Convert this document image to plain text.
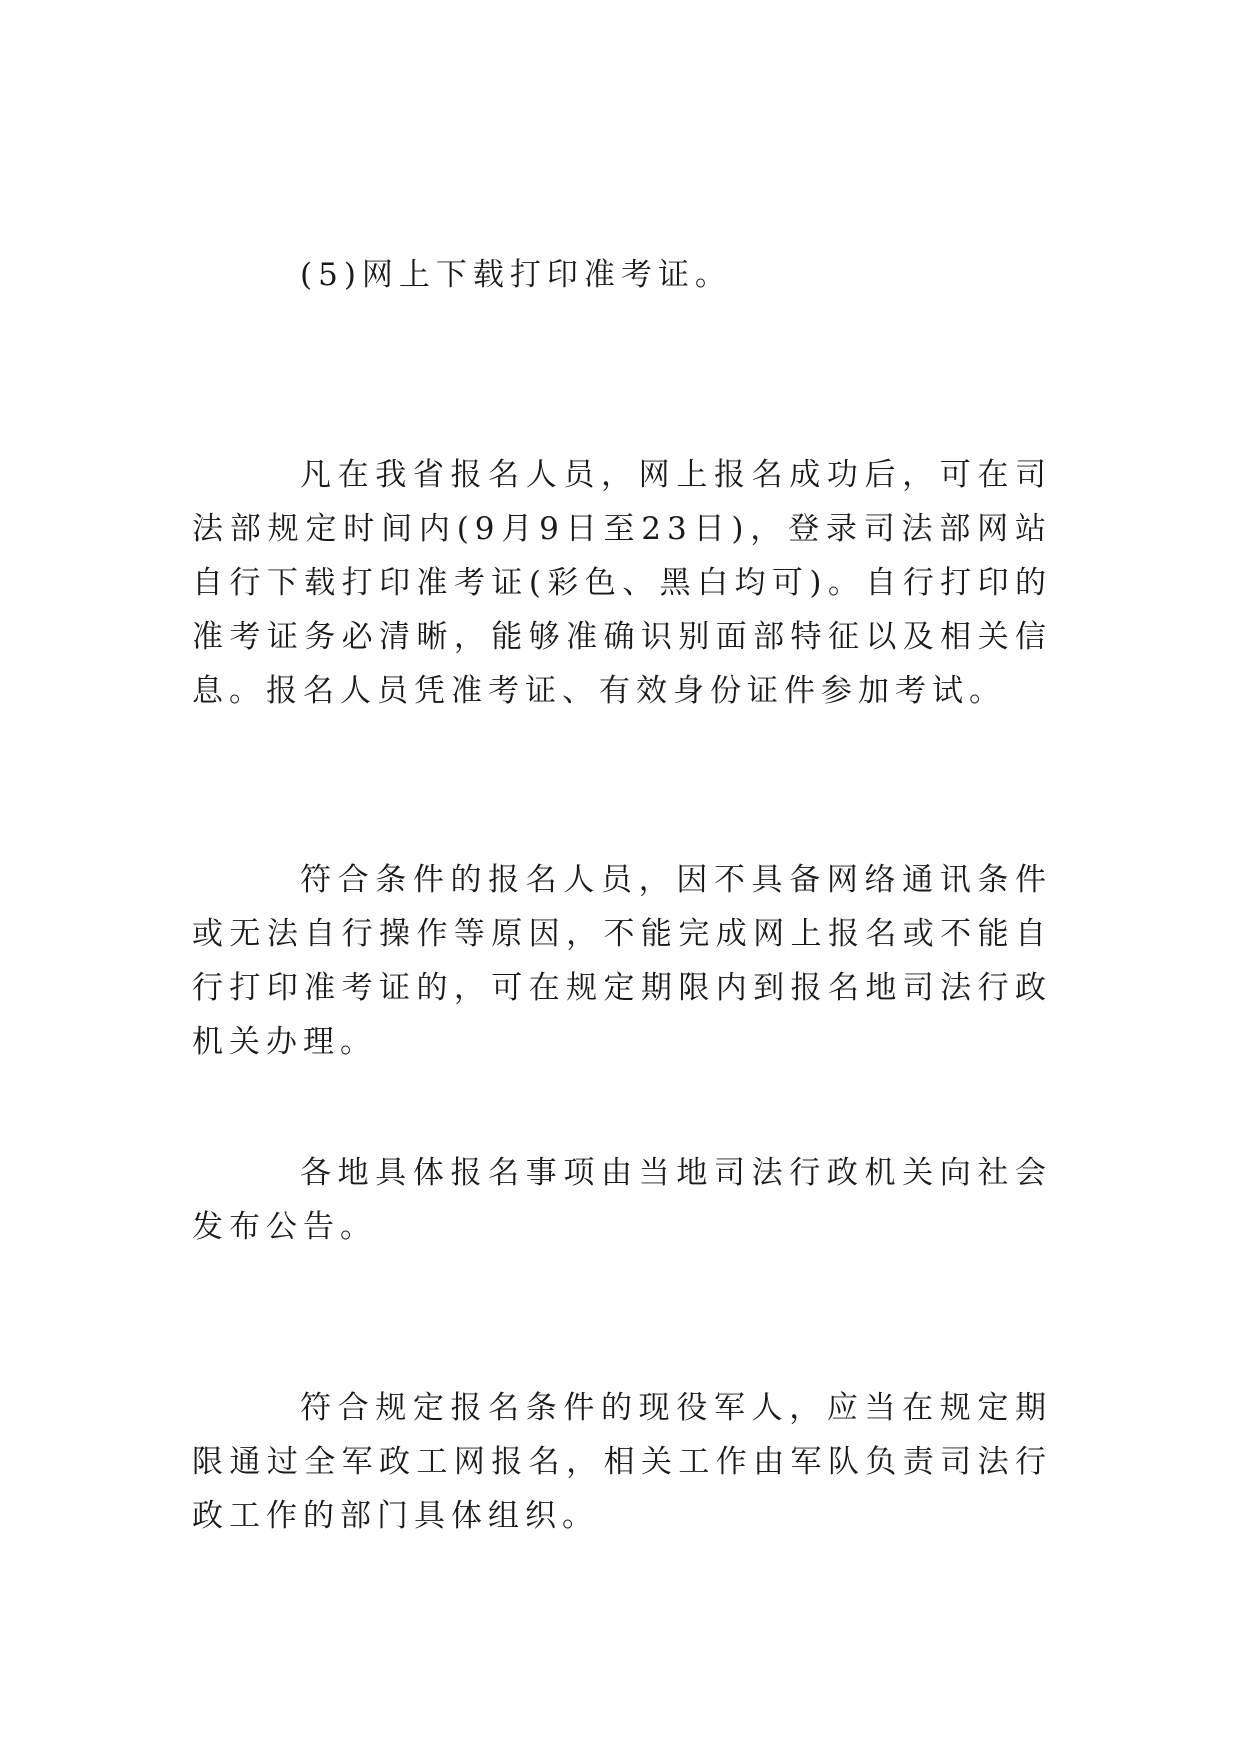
(5)网上下载打印准考证。

凡在我省报名人员，网上报名成功后，可在司法部规定时间内(9月9日至23日)，登录司法部网站自行下载打印准考证(彩色、黑白均可)。自行打印的准考证务必清晰，能够准确识别面部特征以及相关信息。报名人员凭准考证、有效身份证件参加考试。

符合条件的报名人员，因不具备网络通讯条件或无法自行操作等原因，不能完成网上报名或不能自行打印准考证的，可在规定期限内到报名地司法行政机关办理。

各地具体报名事项由当地司法行政机关向社会发布公告。

符合规定报名条件的现役军人，应当在规定期限通过全军政工网报名，相关工作由军队负责司法行政工作的部门具体组织。
